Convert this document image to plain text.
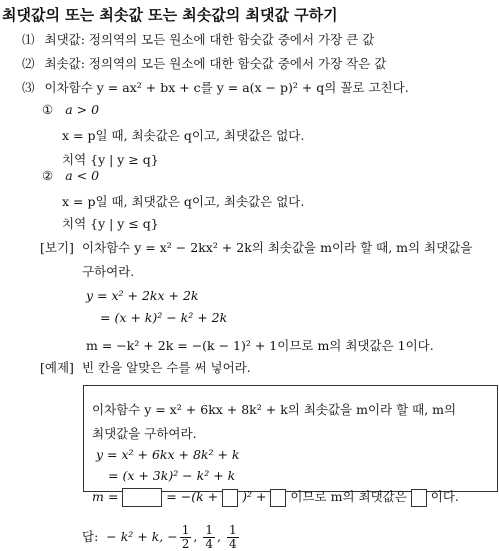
최댓값의 또는 최솟값 또는 최솟값의 최댓값 구하기
⑴ 최댓값: 정의역의 모든 원소에 대한 함숫값 중에서 가장 큰 값
⑵ 최솟값: 정의역의 모든 원소에 대한 함숫값 중에서 가장 작은 값
⑶ 이차함수 y = ax² + bx + c를 y = a(x − p)² + q의 꼴로 고친다.
① a > 0
x = p일 때, 최솟값은 q이고, 최댓값은 없다.
치역 {y | y ≥ q}
② a < 0
x = p일 때, 최댓값은 q이고, 최솟값은 없다.
치역 {y | y ≤ q}
[보기] 이차함수 y = x² − 2kx² + 2k의 최솟값을 m이라 할 때, m의 최댓값을
구하여라.
y = x² + 2kx + 2k
= (x + k)² − k² + 2k
m = −k² + 2k = −(k − 1)² + 1이므로 m의 최댓값은 1이다.
[예제] 빈 칸을 알맞은 수를 써 넣어라.
이차함수 y = x² + 6kx + 8k² + k의 최솟값을 m이라 할 때, m의
최댓값을 구하여라.
y = x² + 6kx + 8k² + k
= (x + 3k)² − k² + k
m =	= −(k + )² + 이므로 m의 최댓값은 이다.
답: − k² + k, − $\frac{1}{2}$ , $\frac{1}{4}$ , $\frac{1}{4}$
